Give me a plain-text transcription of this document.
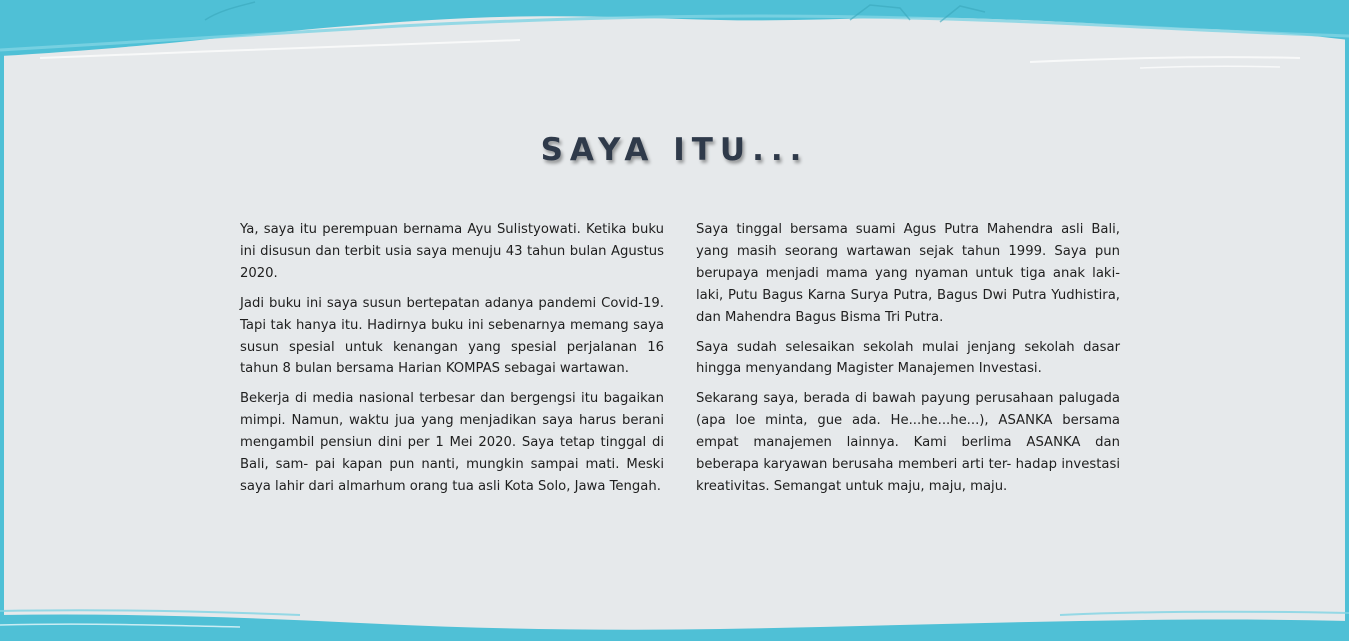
SAYA ITU...

Ya, saya itu perempuan bernama Ayu Sulistyowati. Ketika buku ini disusun dan terbit usia saya menuju 43 tahun bulan Agustus 2020.

Jadi buku ini saya susun bertepatan adanya pandemi Covid-19. Tapi tak hanya itu. Hadirnya buku ini sebenarnya memang saya susun spesial untuk kenangan yang spesial perjalanan 16 tahun 8 bulan bersama Harian KOMPAS sebagai wartawan.

Bekerja di media nasional terbesar dan bergengsi itu bagaikan mimpi. Namun, waktu jua yang menjadikan saya harus berani mengambil pensiun dini per 1 Mei 2020. Saya tetap tinggal di Bali, sam- pai kapan pun nanti, mungkin sampai mati. Meski saya lahir dari almarhum orang tua asli Kota Solo, Jawa Tengah.

Saya tinggal bersama suami Agus Putra Mahendra asli Bali, yang masih seorang wartawan sejak tahun 1999. Saya pun berupaya menjadi mama yang nyaman untuk tiga anak laki-laki, Putu Bagus Karna Surya Putra, Bagus Dwi Putra Yudhistira, dan Mahendra Bagus Bisma Tri Putra.

Saya sudah selesaikan sekolah mulai jenjang sekolah dasar hingga menyandang Magister Manajemen Investasi.

Sekarang saya, berada di bawah payung perusahaan palugada (apa loe minta, gue ada. He...he...he...), ASANKA bersama empat manajemen lainnya. Kami berlima ASANKA dan beberapa karyawan berusaha memberi arti ter- hadap investasi kreativitas. Semangat untuk maju, maju, maju.
